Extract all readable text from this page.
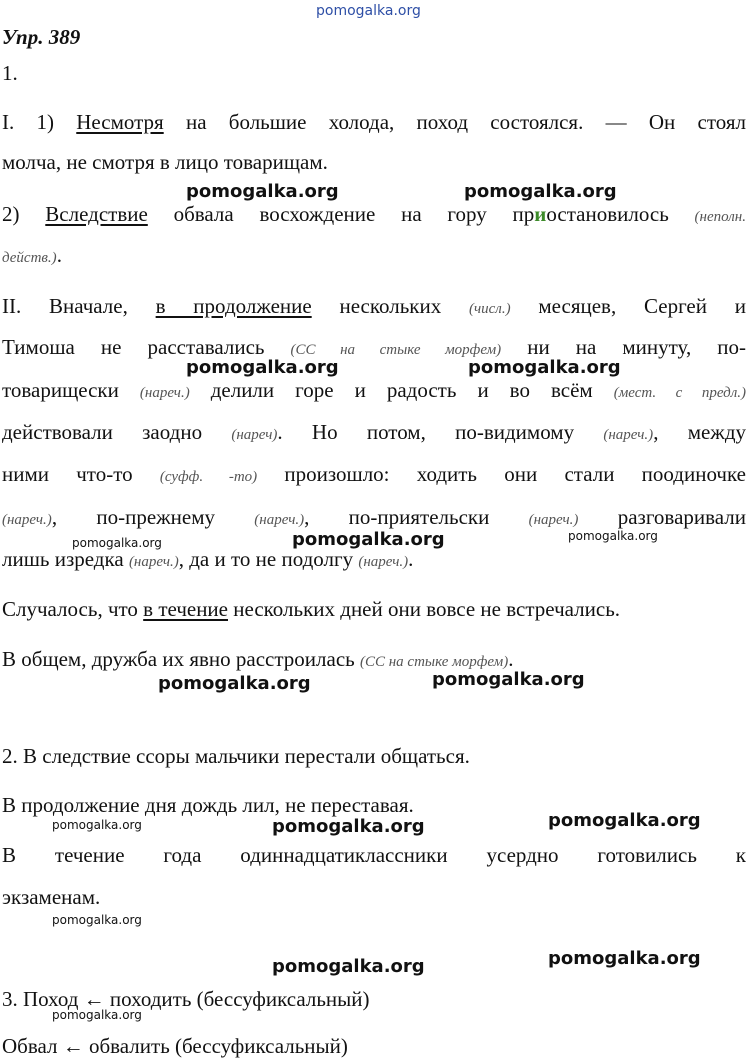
pomogalka.org
Упр. 389
1.
I. 1) Несмотря на большие холода, поход состоялся. — Он стоял
молча, не смотря в лицо товарищам.
2) Вследствие обвала восхождение на гору приостановилось (неполн.
действ.).
II. Вначале, в продолжение нескольких (числ.) месяцев, Сергей и
Тимоша не расставались (СС на стыке морфем) ни на минуту, по-
товарищески (нареч.) делили горе и радость и во всём (мест. с предл.)
действовали заодно (нареч). Но потом, по-видимому (нареч.), между
ними что-то (суфф. -то) произошло: ходить они стали поодиночке
(нареч.), по-прежнему (нареч.), по-приятельски (нареч.) разговаривали
лишь изредка (нареч.), да и то не подолгу (нареч.).
Случалось, что в течение нескольких дней они вовсе не встречались.
В общем, дружба их явно расстроилась (СС на стыке морфем).
2. В следствие ссоры мальчики перестали общаться.
В продолжение дня дождь лил, не переставая.
В течение года одиннадцатиклассники усердно готовились к
экзаменам.
3. Поход ← походить (бессуфиксальный)
Обвал ← обвалить (бессуфиксальный)
pomogalka.org	pomogalka.org
pomogalka.org	pomogalka.org
pomogalka.org	pomogalka.org	pomogalka.org
pomogalka.org	pomogalka.org
pomogalka.org	pomogalka.org	pomogalka.org
pomogalka.org
pomogalka.org	pomogalka.org
pomogalka.org
